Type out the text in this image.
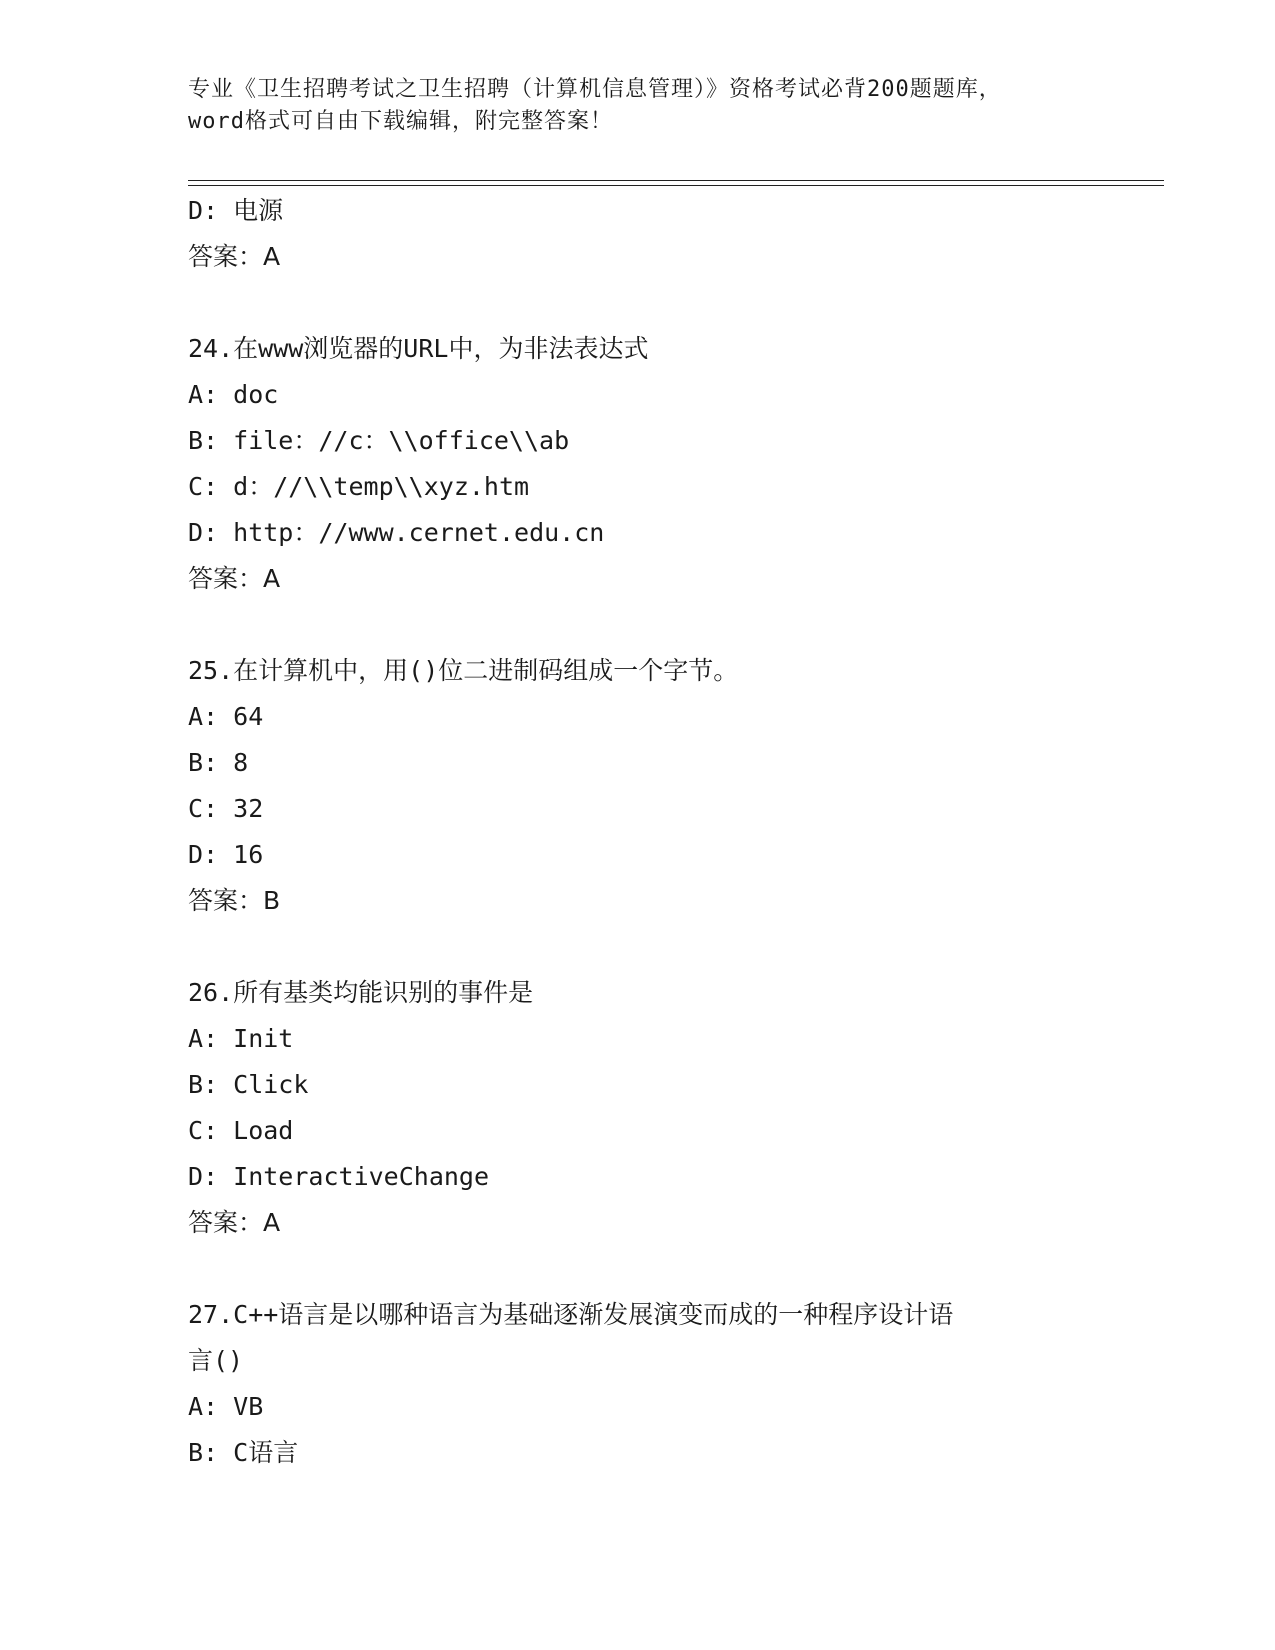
专业《卫生招聘考试之卫生招聘（计算机信息管理）》资格考试必背200题题库，
word格式可自由下载编辑，附完整答案！
D: 电源
答案：A
24.在www浏览器的URL中，为非法表达式
A: doc
B: file：//c：\\office\\ab
C: d：//\\temp\\xyz.htm
D: http：//www.cernet.edu.cn
答案：A
25.在计算机中，用()位二进制码组成一个字节。
A: 64
B: 8
C: 32
D: 16
答案：B
26.所有基类均能识别的事件是
A: Init
B: Click
C: Load
D: InteractiveChange
答案：A
27.C++语言是以哪种语言为基础逐渐发展演变而成的一种程序设计语
言()
A: VB
B: C语言
